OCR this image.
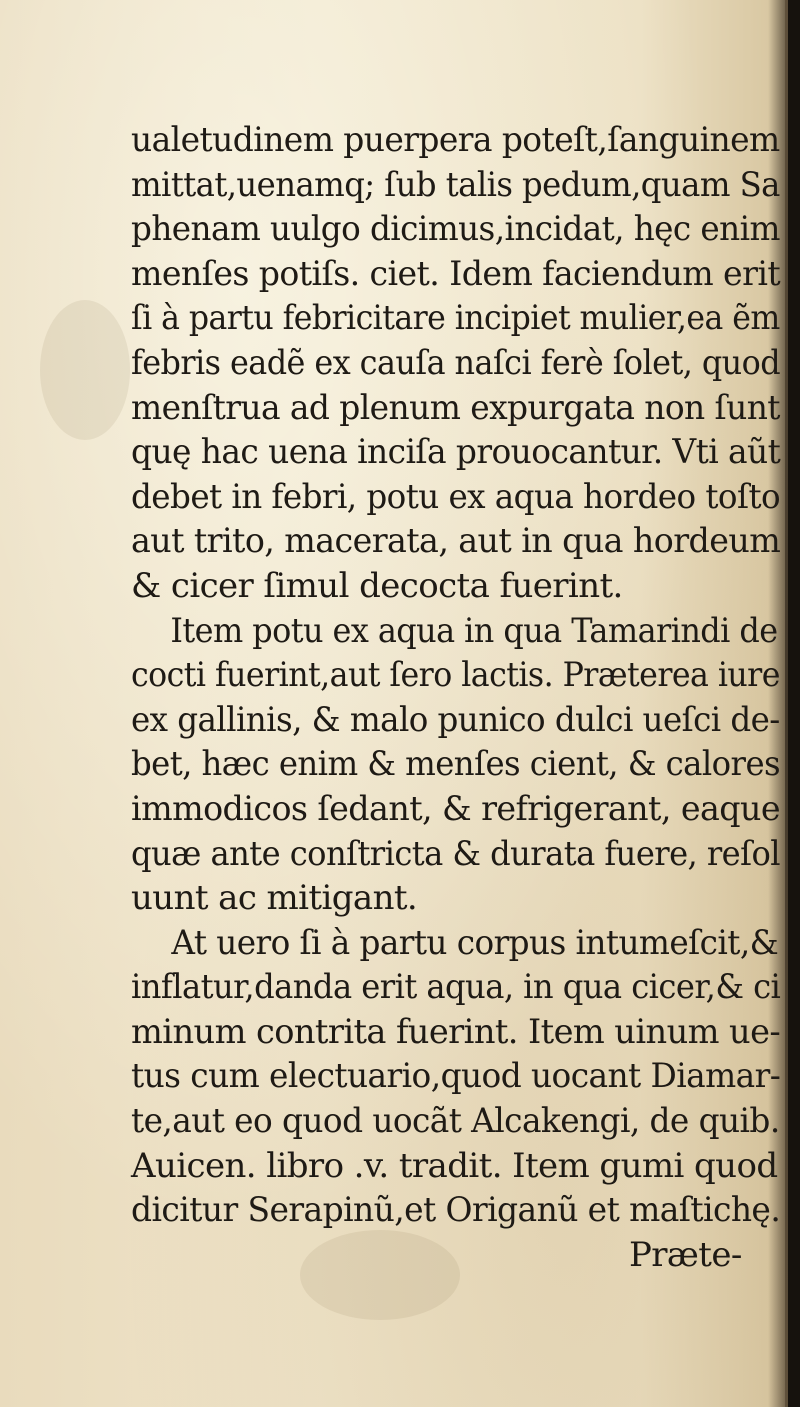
ualetudinem puerpera poteſt,ſanguinem
mittat,uenamq; ſub talis pedum,quam Sa
phenam uulgo dicimus,incidat, hęc enim
menſes potiſs. ciet. Idem faciendum erit
ſi à partu febricitare incipiet mulier,ea ẽm
febris eadẽ ex cauſa naſci ferè ſolet, quod
menſtrua ad plenum expurgata non ſunt
quę hac uena inciſa prouocantur. Vti aũt
debet in febri, potu ex aqua hordeo toſto
aut trito, macerata, aut in qua hordeum
& cicer ſimul decocta fuerint.
Item potu ex aqua in qua Tamarindi de
cocti fuerint,aut ſero lactis. Præterea iure
ex gallinis, & malo punico dulci ueſci de-
bet, hæc enim & menſes cient, & calores
immodicos ſedant, & refrigerant, eaque
quæ ante conſtricta & durata fuere, reſol
uunt ac mitigant.
At uero ſi à partu corpus intumeſcit,&
inflatur,danda erit aqua, in qua cicer,& ci
minum contrita fuerint. Item uinum ue-
tus cum electuario,quod uocant Diamar-
te,aut eo quod uocãt Alcakengi, de quib.
Auicen. libro .v. tradit. Item gumi quod
dicitur Serapinũ,et Origanũ et maſtichę.
Præte-
